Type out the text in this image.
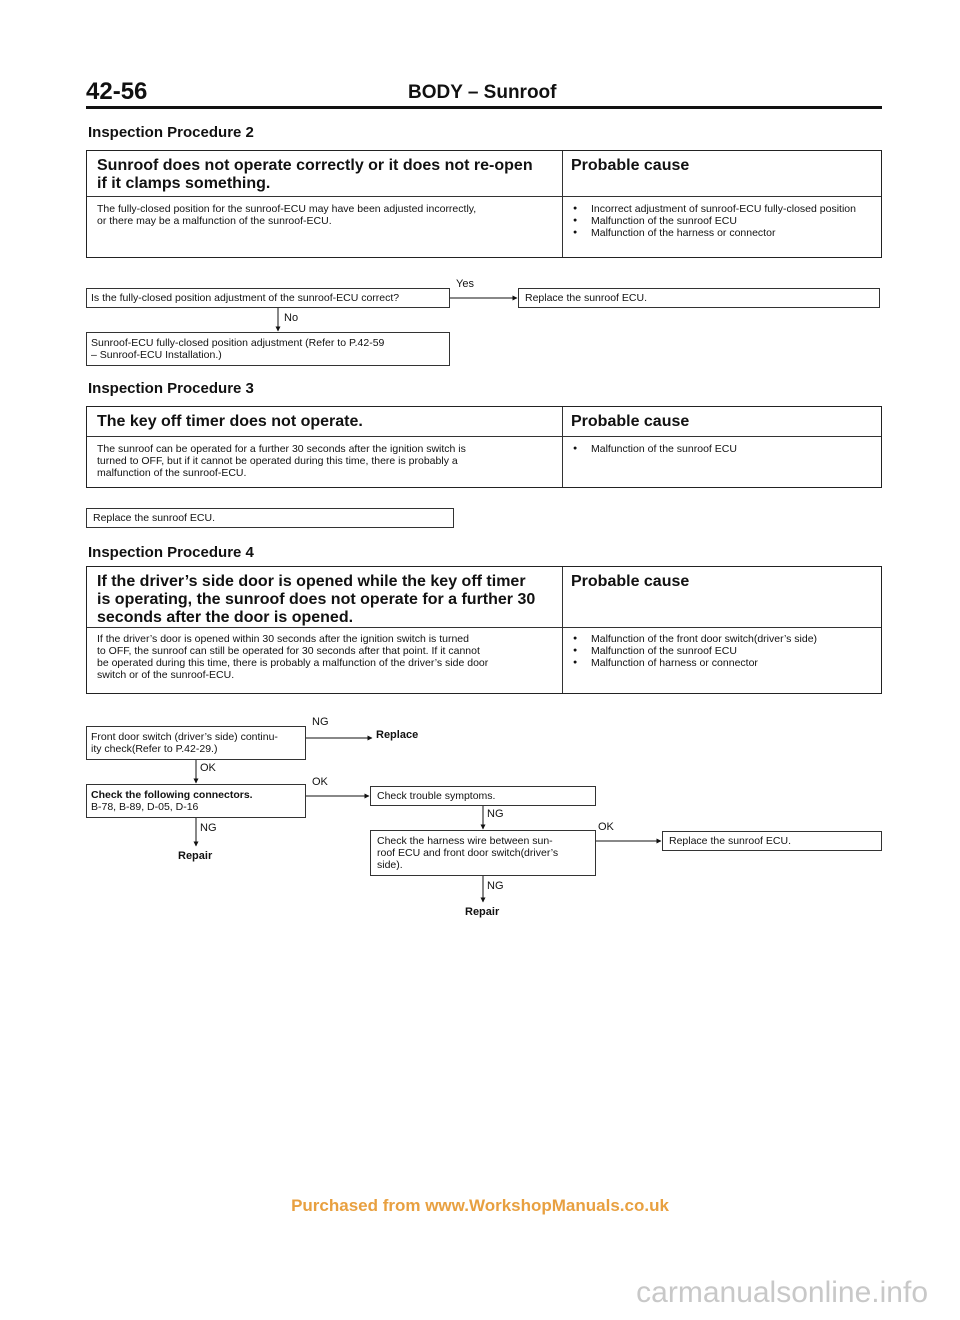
42-56	BODY – Sunroof
Inspection Procedure 2
Sunroof does not operate correctly or it does not re-open
if it clamps something.
Probable cause
The fully-closed position for the sunroof-ECU may have been adjusted incorrectly,
or there may be a malfunction of the sunroof-ECU.
● Incorrect adjustment of sunroof-ECU fully-closed position
● Malfunction of the sunroof ECU
● Malfunction of the harness or connector
Is the fully-closed position adjustment of the sunroof-ECU correct?
Yes
Replace the sunroof ECU.
No
Sunroof-ECU fully-closed position adjustment (Refer to P.42-59
– Sunroof-ECU Installation.)
Inspection Procedure 3
The key off timer does not operate.	Probable cause
The sunroof can be operated for a further 30 seconds after the ignition switch is
turned to OFF, but if it cannot be operated during this time, there is probably a
malfunction of the sunroof-ECU.
● Malfunction of the sunroof ECU
Replace the sunroof ECU.
Inspection Procedure 4
If the driver’s side door is opened while the key off timer
is operating, the sunroof does not operate for a further 30
seconds after the door is opened.
Probable cause
If the driver’s door is opened within 30 seconds after the ignition switch is turned
to OFF, the sunroof can still be operated for 30 seconds after that point. If it cannot
be operated during this time, there is probably a malfunction of the driver’s side door
switch or of the sunroof-ECU.
● Malfunction of the front door switch(driver’s side)
● Malfunction of the sunroof ECU
● Malfunction of harness or connector
Front door switch (driver’s side) continu-
ity check(Refer to P.42-29.)
NG
Replace
OK
Check the following connectors.
B-78, B-89, D-05, D-16
OK
NG
Repair
Check trouble symptoms.
NG
Check the harness wire between sun-
roof ECU and front door switch(driver’s
side).
OK
Replace the sunroof ECU.
NG
Repair
Purchased from www.WorkshopManuals.co.uk
carmanualsonline.info
